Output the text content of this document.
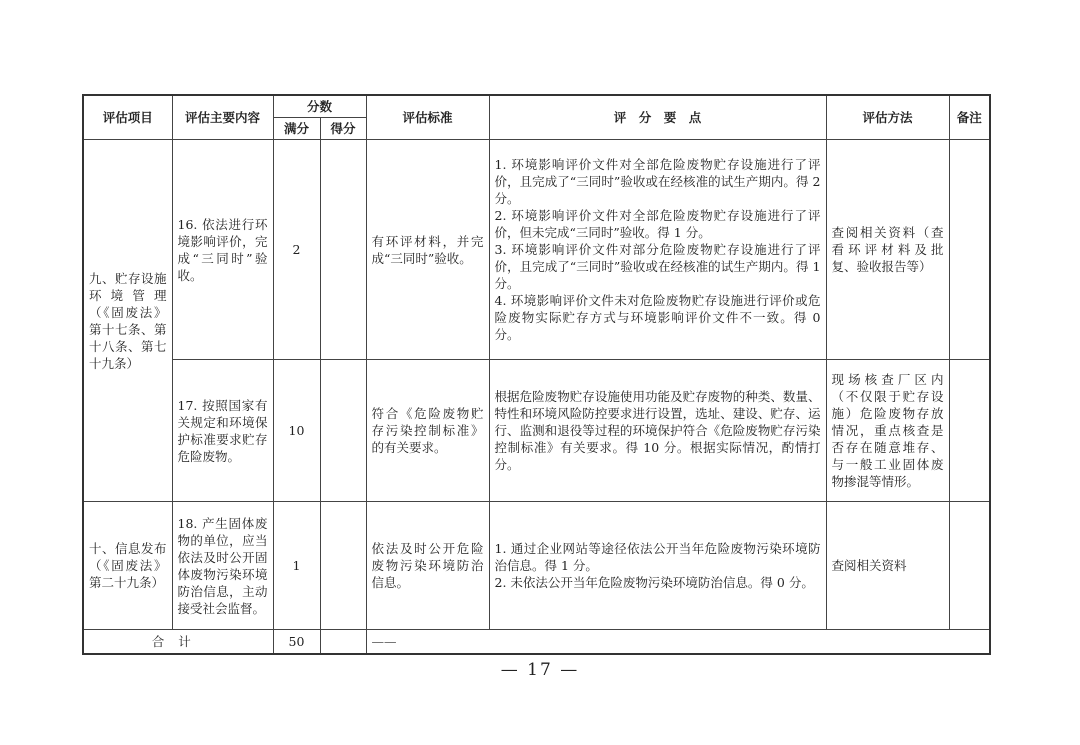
评估项目	评估主要内容	分数		评估标准	评　分　要　点	评估方法	备注
		满分	得分				
九、贮存设施环境管理（《固废法》第十七条、第十八条、第七十九条）	16. 依法进行环境影响评价，完成“三同时”验收。	2		有环评材料，并完成“三同时”验收。	1. 环境影响评价文件对全部危险废物贮存设施进行了评价，且完成了“三同时”验收或在经核准的试生产期内。得 2 分。
2. 环境影响评价文件对全部危险废物贮存设施进行了评价，但未完成“三同时”验收。得 1 分。
3. 环境影响评价文件对部分危险废物贮存设施进行了评价，且完成了“三同时”验收或在经核准的试生产期内。得 1 分。
4. 环境影响评价文件未对危险废物贮存设施进行评价或危险废物实际贮存方式与环境影响评价文件不一致。得 0 分。	查阅相关资料（查看环评材料及批复、验收报告等）	
	17. 按照国家有关规定和环境保护标准要求贮存危险废物。	10		符合《危险废物贮存污染控制标准》的有关要求。	根据危险废物贮存设施使用功能及贮存废物的种类、数量、特性和环境风险防控要求进行设置，选址、建设、贮存、运行、监测和退役等过程的环境保护符合《危险废物贮存污染控制标准》有关要求。得 10 分。根据实际情况，酌情打分。	现场核查厂区内（不仅限于贮存设施）危险废物存放情况，重点核查是否存在随意堆存、与一般工业固体废物掺混等情形。	
十、信息发布（《固废法》第二十九条）	18. 产生固体废物的单位，应当依法及时公开固体废物污染环境防治信息，主动接受社会监督。	1		依法及时公开危险废物污染环境防治信息。	1. 通过企业网站等途径依法公开当年危险废物污染环境防治信息。得 1 分。
2. 未依法公开当年危险废物污染环境防治信息。得 0 分。	查阅相关资料	
合计		50		——			
— 17 —
